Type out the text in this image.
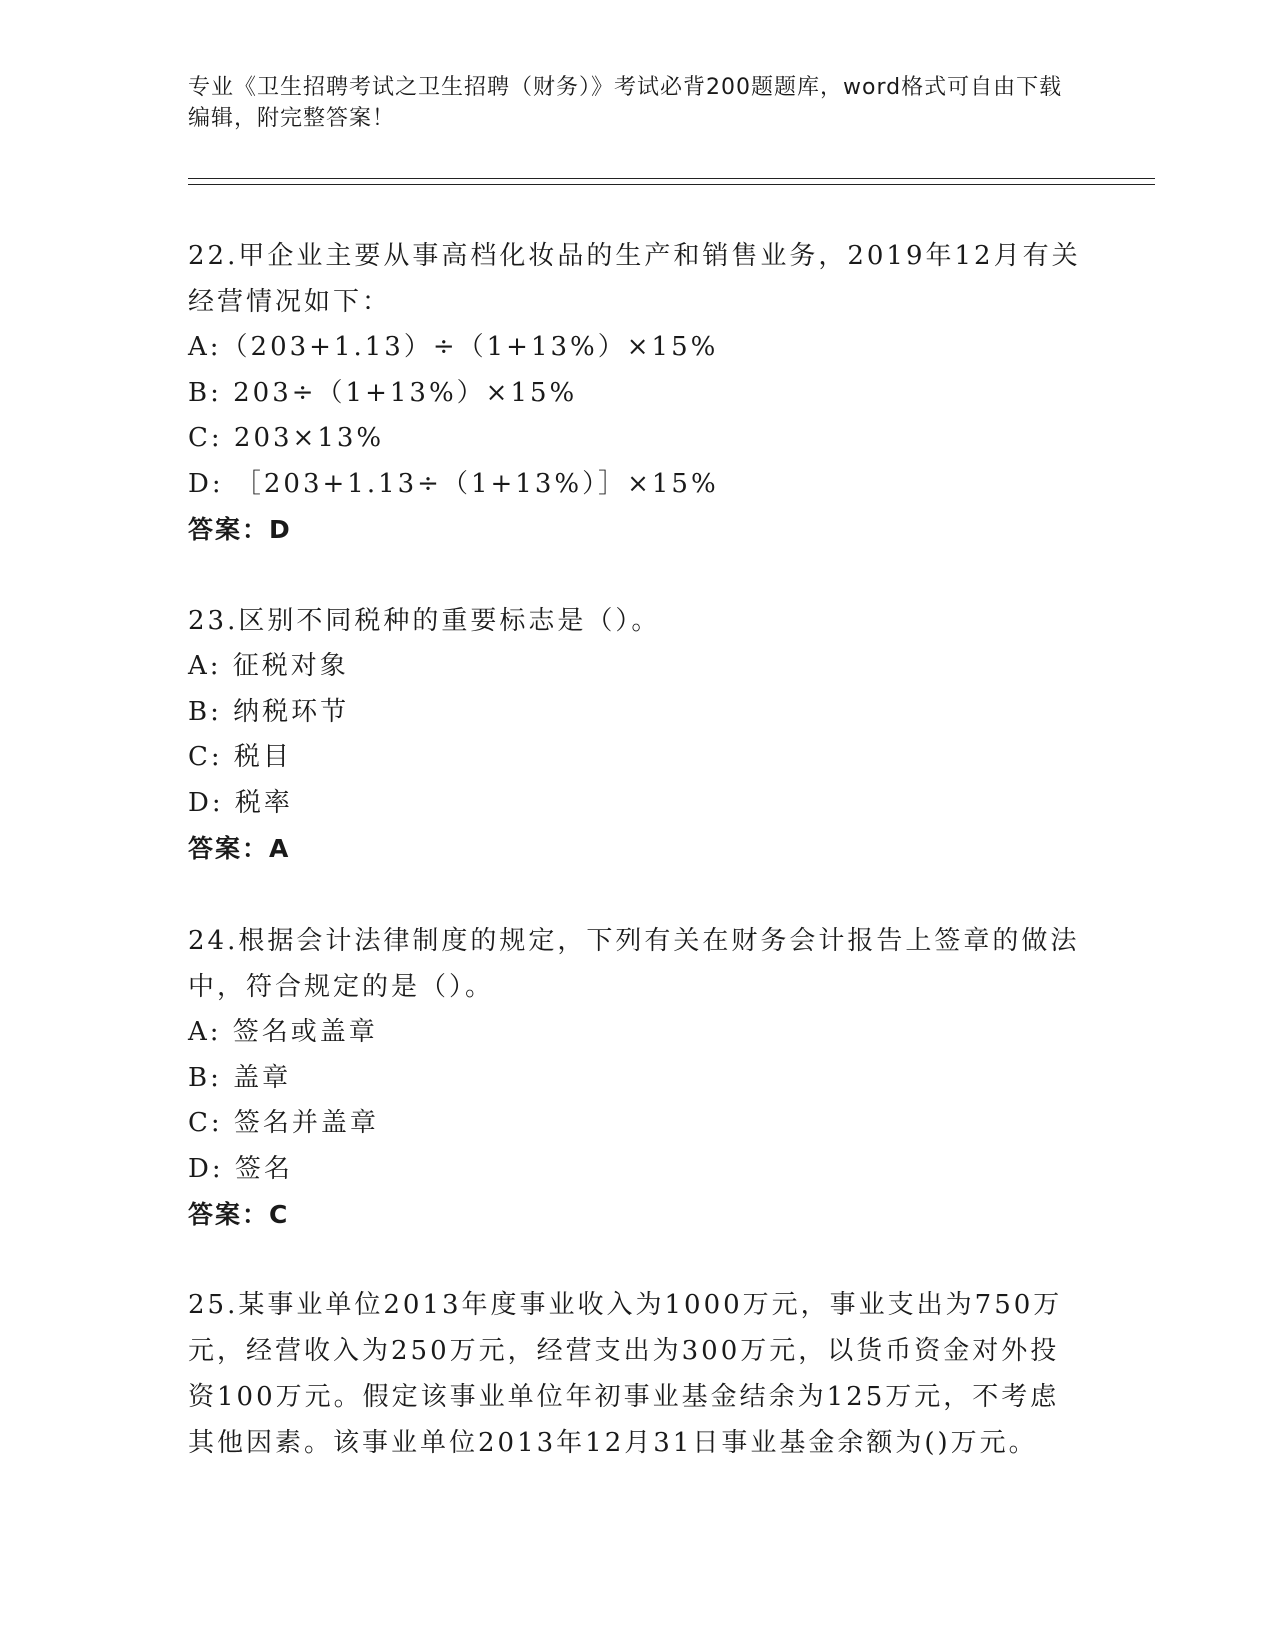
专业《卫生招聘考试之卫生招聘（财务）》考试必背200题题库，word格式可自由下载编辑，附完整答案！

22.甲企业主要从事高档化妆品的生产和销售业务，2019年12月有关经营情况如下：

A:（203+1.13）÷（1+13%）×15%

B: 203÷（1+13%）×15%

C: 203×13%

D: ［203+1.13÷（1+13%）］×15%

答案：D

23.区别不同税种的重要标志是（）。

A: 征税对象

B: 纳税环节

C: 税目

D: 税率

答案：A

24.根据会计法律制度的规定，下列有关在财务会计报告上签章的做法中，符合规定的是（）。

A: 签名或盖章

B: 盖章

C: 签名并盖章

D: 签名

答案：C

25.某事业单位2013年度事业收入为1000万元，事业支出为750万元，经营收入为250万元，经营支出为300万元，以货币资金对外投资100万元。假定该事业单位年初事业基金结余为125万元，不考虑其他因素。该事业单位2013年12月31日事业基金余额为()万元。
